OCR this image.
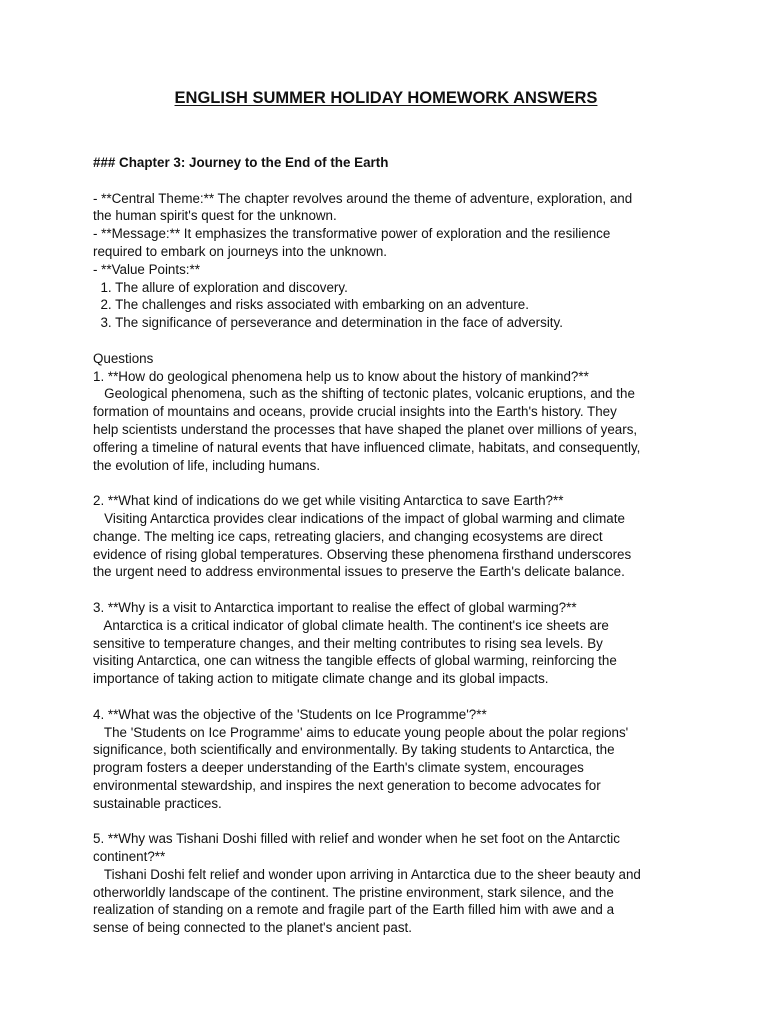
ENGLISH SUMMER HOLIDAY HOMEWORK ANSWERS

### Chapter 3: Journey to the End of the Earth

- **Central Theme:** The chapter revolves around the theme of adventure, exploration, and

the human spirit's quest for the unknown.

- **Message:** It emphasizes the transformative power of exploration and the resilience

required to embark on journeys into the unknown.

- **Value Points:**

1. The allure of exploration and discovery.

2. The challenges and risks associated with embarking on an adventure.

3. The significance of perseverance and determination in the face of adversity.

Questions

1. **How do geological phenomena help us to know about the history of mankind?**

Geological phenomena, such as the shifting of tectonic plates, volcanic eruptions, and the

formation of mountains and oceans, provide crucial insights into the Earth's history. They

help scientists understand the processes that have shaped the planet over millions of years,

offering a timeline of natural events that have influenced climate, habitats, and consequently,

the evolution of life, including humans.

2. **What kind of indications do we get while visiting Antarctica to save Earth?**

Visiting Antarctica provides clear indications of the impact of global warming and climate

change. The melting ice caps, retreating glaciers, and changing ecosystems are direct

evidence of rising global temperatures. Observing these phenomena firsthand underscores

the urgent need to address environmental issues to preserve the Earth's delicate balance.

3. **Why is a visit to Antarctica important to realise the effect of global warming?**

Antarctica is a critical indicator of global climate health. The continent's ice sheets are

sensitive to temperature changes, and their melting contributes to rising sea levels. By

visiting Antarctica, one can witness the tangible effects of global warming, reinforcing the

importance of taking action to mitigate climate change and its global impacts.

4. **What was the objective of the 'Students on Ice Programme'?**

The 'Students on Ice Programme' aims to educate young people about the polar regions'

significance, both scientifically and environmentally. By taking students to Antarctica, the

program fosters a deeper understanding of the Earth's climate system, encourages

environmental stewardship, and inspires the next generation to become advocates for

sustainable practices.

5. **Why was Tishani Doshi filled with relief and wonder when he set foot on the Antarctic

continent?**

Tishani Doshi felt relief and wonder upon arriving in Antarctica due to the sheer beauty and

otherworldly landscape of the continent. The pristine environment, stark silence, and the

realization of standing on a remote and fragile part of the Earth filled him with awe and a

sense of being connected to the planet's ancient past.
